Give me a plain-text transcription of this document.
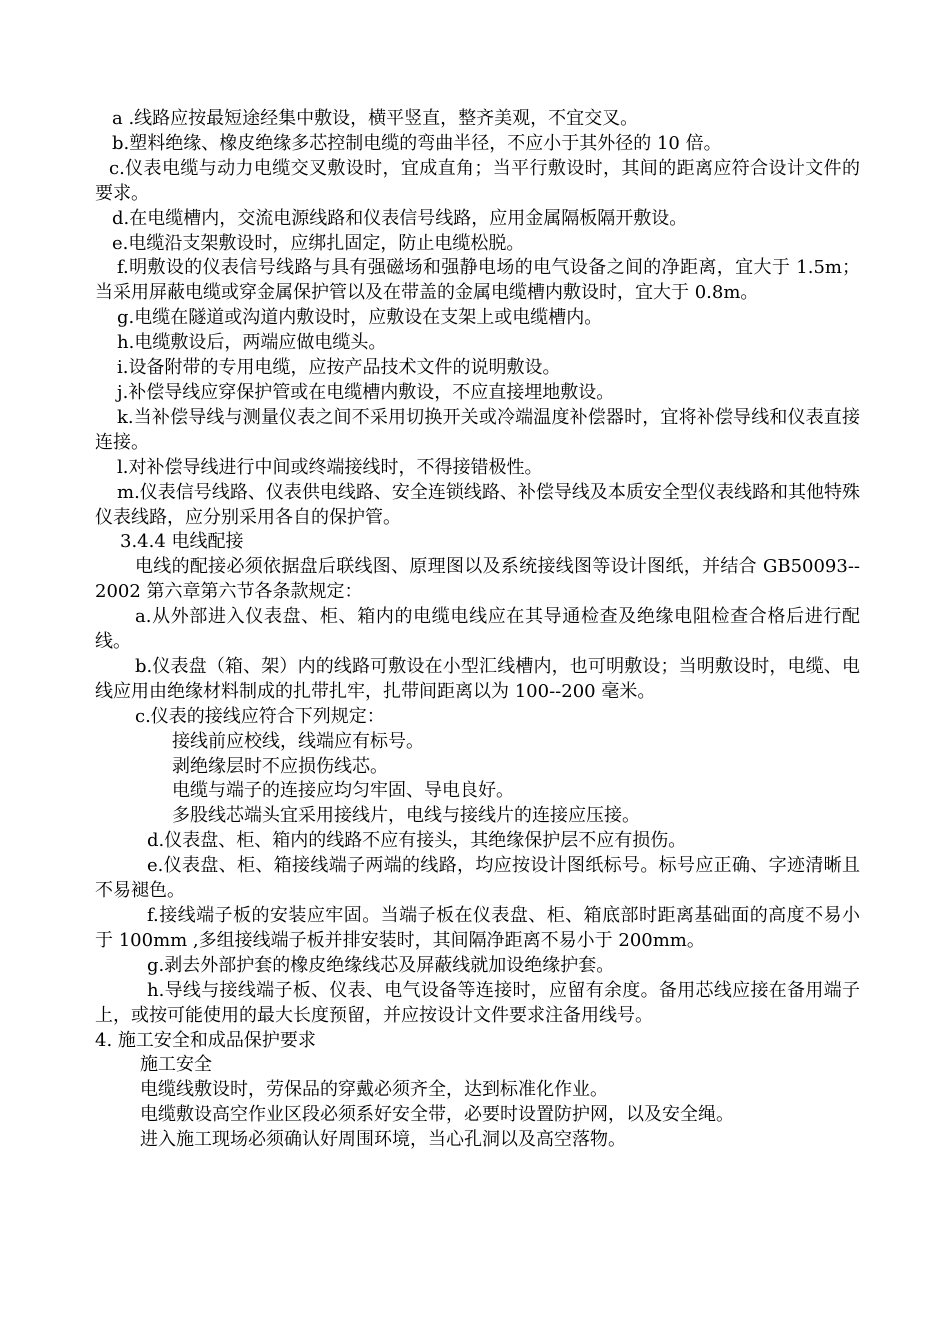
a .线路应按最短途经集中敷设，横平竖直，整齐美观，不宜交叉。

b.塑料绝缘、橡皮绝缘多芯控制电缆的弯曲半径，不应小于其外径的 10 倍。

c.仪表电缆与动力电缆交叉敷设时，宜成直角；当平行敷设时，其间的距离应符合设计文件的要求。

d.在电缆槽内，交流电源线路和仪表信号线路，应用金属隔板隔开敷设。

e.电缆沿支架敷设时，应绑扎固定，防止电缆松脱。

f.明敷设的仪表信号线路与具有强磁场和强静电场的电气设备之间的净距离，宜大于 1.5m；当采用屏蔽电缆或穿金属保护管以及在带盖的金属电缆槽内敷设时，宜大于 0.8m。

g.电缆在隧道或沟道内敷设时，应敷设在支架上或电缆槽内。

h.电缆敷设后，两端应做电缆头。

i.设备附带的专用电缆，应按产品技术文件的说明敷设。

j.补偿导线应穿保护管或在电缆槽内敷设，不应直接埋地敷设。

k.当补偿导线与测量仪表之间不采用切换开关或冷端温度补偿器时，宜将补偿导线和仪表直接连接。

l.对补偿导线进行中间或终端接线时，不得接错极性。

m.仪表信号线路、仪表供电线路、安全连锁线路、补偿导线及本质安全型仪表线路和其他特殊仪表线路，应分别采用各自的保护管。

3.4.4 电线配接

电线的配接必须依据盘后联线图、原理图以及系统接线图等设计图纸，并结合 GB50093--2002 第六章第六节各条款规定：

a.从外部进入仪表盘、柜、箱内的电缆电线应在其导通检查及绝缘电阻检查合格后进行配线。

b.仪表盘（箱、架）内的线路可敷设在小型汇线槽内，也可明敷设；当明敷设时，电缆、电线应用由绝缘材料制成的扎带扎牢，扎带间距离以为 100--200 毫米。

c.仪表的接线应符合下列规定：

接线前应校线，线端应有标号。

剥绝缘层时不应损伤线芯。

电缆与端子的连接应均匀牢固、导电良好。

多股线芯端头宜采用接线片，电线与接线片的连接应压接。

d.仪表盘、柜、箱内的线路不应有接头，其绝缘保护层不应有损伤。

e.仪表盘、柜、箱接线端子两端的线路，均应按设计图纸标号。标号应正确、字迹清晰且不易褪色。

f.接线端子板的安装应牢固。当端子板在仪表盘、柜、箱底部时距离基础面的高度不易小于 100mm ,多组接线端子板并排安装时，其间隔净距离不易小于 200mm。

g.剥去外部护套的橡皮绝缘线芯及屏蔽线就加设绝缘护套。

h.导线与接线端子板、仪表、电气设备等连接时，应留有余度。备用芯线应接在备用端子上，或按可能使用的最大长度预留，并应按设计文件要求注备用线号。

4. 施工安全和成品保护要求

施工安全

电缆线敷设时，劳保品的穿戴必须齐全，达到标准化作业。

电缆敷设高空作业区段必须系好安全带，必要时设置防护网，以及安全绳。

进入施工现场必须确认好周围环境，当心孔洞以及高空落物。
